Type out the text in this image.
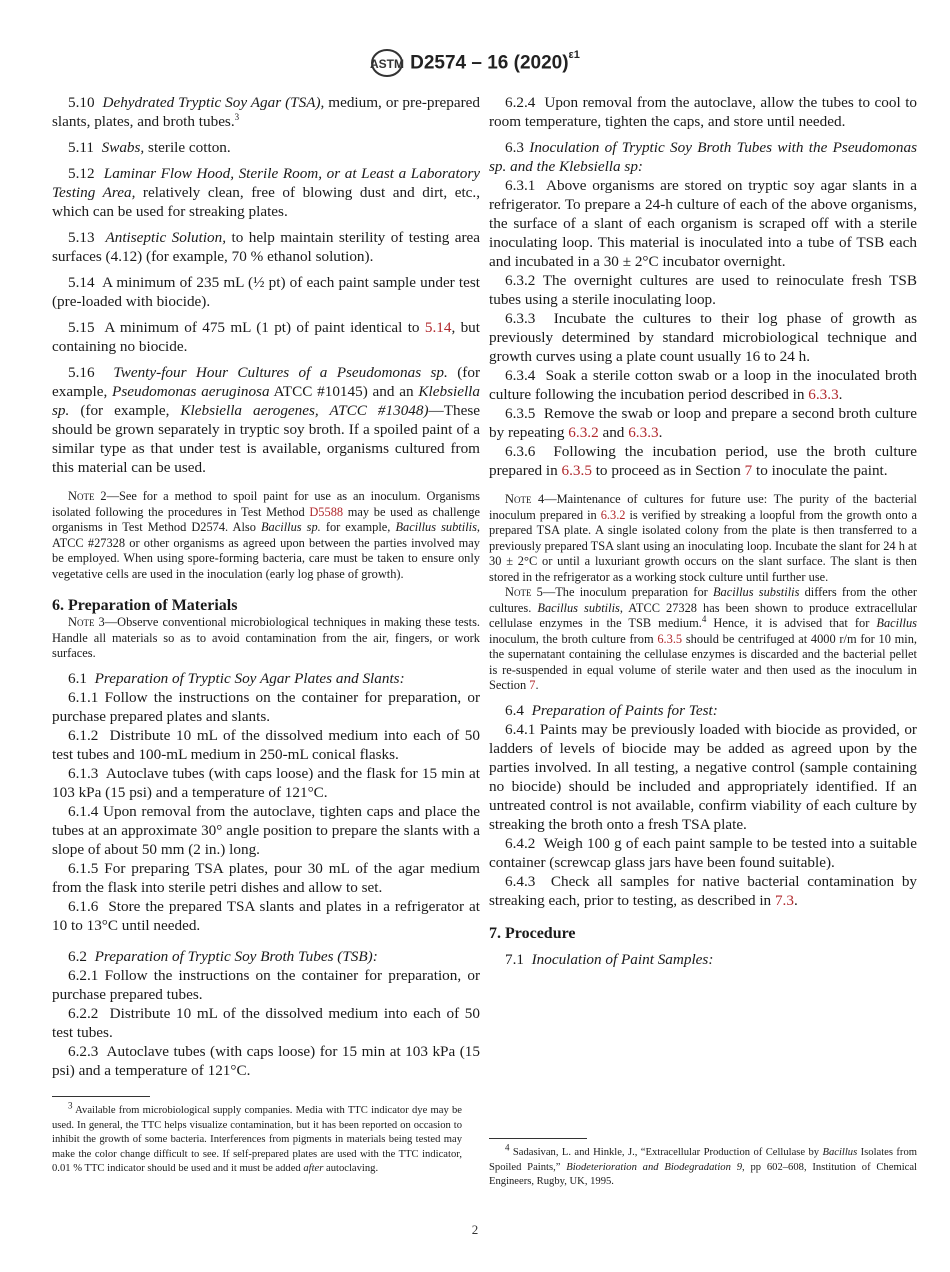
ASTM D2574 – 16 $(2020)^{\varepsilon 1}$

5.10 Dehydrated Tryptic Soy Agar (TSA), medium, or pre-prepared slants, plates, and broth tubes.$^3$

5.11 Swabs, sterile cotton.

5.12 Laminar Flow Hood, Sterile Room, or at Least a Laboratory Testing Area, relatively clean, free of blowing dust and dirt, etc., which can be used for streaking plates.

5.13 Antiseptic Solution, to help maintain sterility of testing area surfaces (4.12) (for example, 70 % ethanol solution).

5.14 A minimum of 235 mL (½ pt) of each paint sample under test (pre-loaded with biocide).

5.15 A minimum of 475 mL (1 pt) of paint identical to 5.14, but containing no biocide.

5.16 Twenty-four Hour Cultures of a Pseudomonas sp. (for example, Pseudomonas aeruginosa ATCC #10145) and an Klebsiella sp. (for example, Klebsiella aerogenes, ATCC #13048)—These should be grown separately in tryptic soy broth. If a spoiled paint of a similar type as that under test is available, organisms cultured from this material can be used.

Note 2—See for a method to spoil paint for use as an inoculum. Organisms isolated following the procedures in Test Method D5588 may be used as challenge organisms in Test Method D2574. Also Bacillus sp. for example, Bacillus subtilis, ATCC #27328 or other organisms as agreed upon between the parties involved may be employed. When using spore-forming bacteria, care must be taken to ensure only vegetative cells are used in the inoculation (early log phase of growth).

6. Preparation of Materials

Note 3—Observe conventional microbiological techniques in making these tests. Handle all materials so as to avoid contamination from the air, fingers, or work surfaces.

6.1 Preparation of Tryptic Soy Agar Plates and Slants:

6.1.1 Follow the instructions on the container for preparation, or purchase prepared plates and slants.

6.1.2 Distribute 10 mL of the dissolved medium into each of 50 test tubes and 100-mL medium in 250-mL conical flasks.

6.1.3 Autoclave tubes (with caps loose) and the flask for 15 min at 103 kPa (15 psi) and a temperature of 121°C.

6.1.4 Upon removal from the autoclave, tighten caps and place the tubes at an approximate 30° angle position to prepare the slants with a slope of about 50 mm (2 in.) long.

6.1.5 For preparing TSA plates, pour 30 mL of the agar medium from the flask into sterile petri dishes and allow to set.

6.1.6 Store the prepared TSA slants and plates in a refrigerator at 10 to 13°C until needed.

6.2 Preparation of Tryptic Soy Broth Tubes (TSB):

6.2.1 Follow the instructions on the container for preparation, or purchase prepared tubes.

6.2.2 Distribute 10 mL of the dissolved medium into each of 50 test tubes.

6.2.3 Autoclave tubes (with caps loose) for 15 min at 103 kPa (15 psi) and a temperature of 121°C.

$^3$ Available from microbiological supply companies. Media with TTC indicator dye may be used. In general, the TTC helps visualize contamination, but it has been reported on occasion to inhibit the growth of some bacteria. Interferences from pigments in materials being tested may make the color change difficult to see. If self-prepared plates are used with the TTC indicator, 0.01 % TTC indicator should be used and it must be added after autoclaving.

6.2.4 Upon removal from the autoclave, allow the tubes to cool to room temperature, tighten the caps, and store until needed.

6.3 Inoculation of Tryptic Soy Broth Tubes with the Pseudomonas sp. and the Klebsiella sp:

6.3.1 Above organisms are stored on tryptic soy agar slants in a refrigerator. To prepare a 24-h culture of each of the above organisms, the surface of a slant of each organism is scraped off with a sterile inoculating loop. This material is inoculated into a tube of TSB each and incubated in a 30 ± 2°C incubator overnight.

6.3.2 The overnight cultures are used to reinoculate fresh TSB tubes using a sterile inoculating loop.

6.3.3 Incubate the cultures to their log phase of growth as previously determined by standard microbiological technique and growth curves using a plate count usually 16 to 24 h.

6.3.4 Soak a sterile cotton swab or a loop in the inoculated broth culture following the incubation period described in 6.3.3.

6.3.5 Remove the swab or loop and prepare a second broth culture by repeating 6.3.2 and 6.3.3.

6.3.6 Following the incubation period, use the broth culture prepared in 6.3.5 to proceed as in Section 7 to inoculate the paint.

Note 4—Maintenance of cultures for future use: The purity of the bacterial inoculum prepared in 6.3.2 is verified by streaking a loopful from the growth onto a prepared TSA plate. A single isolated colony from the plate is then transferred to a previously prepared TSA slant using an inoculating loop. Incubate the slant for 24 h at 30 ± 2°C or until a luxuriant growth occurs on the slant surface. The slant is then stored in the refrigerator as a working stock culture until further use.

Note 5—The inoculum preparation for Bacillus substilis differs from the other cultures. Bacillus subtilis, ATCC 27328 has been shown to produce extracellular cellulase enzymes in the TSB medium.$^4$ Hence, it is advised that for Bacillus inoculum, the broth culture from 6.3.5 should be centrifuged at 4000 r/m for 10 min, the supernatant containing the cellulase enzymes is discarded and the bacterial pellet is re-suspended in equal volume of sterile water and then used as the inoculum in Section 7.

6.4 Preparation of Paints for Test:

6.4.1 Paints may be previously loaded with biocide as provided, or ladders of levels of biocide may be added as agreed upon by the parties involved. In all testing, a negative control (sample containing no biocide) should be included and appropriately identified. If an untreated control is not available, confirm viability of each culture by streaking the broth onto a fresh TSA plate.

6.4.2 Weigh 100 g of each paint sample to be tested into a suitable container (screwcap glass jars have been found suitable).

6.4.3 Check all samples for native bacterial contamination by streaking each, prior to testing, as described in 7.3.

7. Procedure

7.1 Inoculation of Paint Samples:

$^4$ Sadasivan, L. and Hinkle, J., “Extracellular Production of Cellulase by Bacillus Isolates from Spoiled Paints,” Biodeterioration and Biodegradation 9, pp 602–608, Institution of Chemical Engineers, Rugby, UK, 1995.

2
